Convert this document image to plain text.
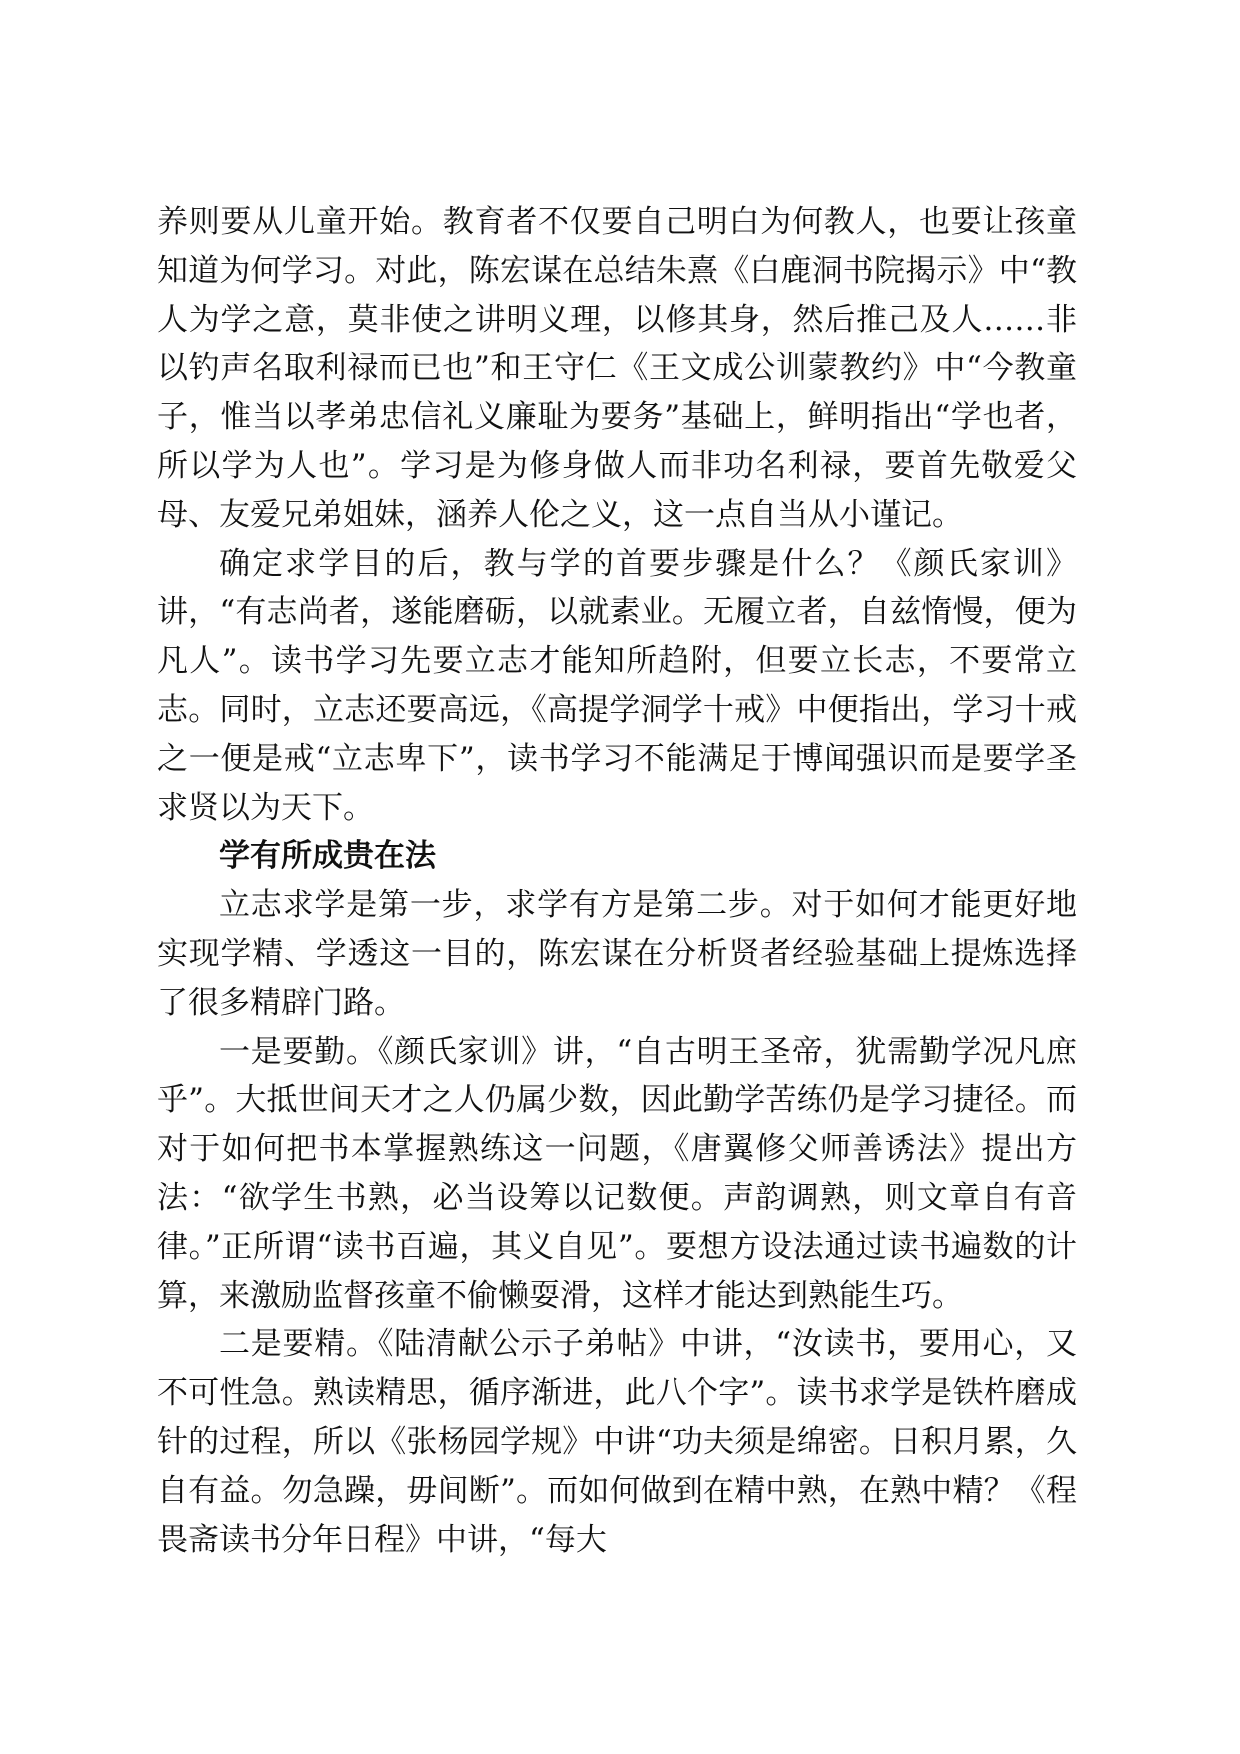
养则要从儿童开始。教育者不仅要自己明白为何教人，也要让孩童知道为何学习。对此，陈宏谋在总结朱熹《白鹿洞书院揭示》中“教人为学之意，莫非使之讲明义理，以修其身，然后推己及人……非以钓声名取利禄而已也”和王守仁《王文成公训蒙教约》中“今教童子，惟当以孝弟忠信礼义廉耻为要务”基础上，鲜明指出“学也者，所以学为人也”。学习是为修身做人而非功名利禄，要首先敬爱父母、友爱兄弟姐妹，涵养人伦之义，这一点自当从小谨记。

确定求学目的后，教与学的首要步骤是什么？《颜氏家训》讲，“有志尚者，遂能磨砺，以就素业。无履立者，自兹惰慢，便为凡人”。读书学习先要立志才能知所趋附，但要立长志，不要常立志。同时，立志还要高远，《高提学洞学十戒》中便指出，学习十戒之一便是戒“立志卑下”，读书学习不能满足于博闻强识而是要学圣求贤以为天下。

学有所成贵在法

立志求学是第一步，求学有方是第二步。对于如何才能更好地实现学精、学透这一目的，陈宏谋在分析贤者经验基础上提炼选择了很多精辟门路。

一是要勤。《颜氏家训》讲，“自古明王圣帝，犹需勤学况凡庶乎”。大抵世间天才之人仍属少数，因此勤学苦练仍是学习捷径。而对于如何把书本掌握熟练这一问题，《唐翼修父师善诱法》提出方法：“欲学生书熟，必当设筹以记数便。声韵调熟，则文章自有音律。”正所谓“读书百遍，其义自见”。要想方设法通过读书遍数的计算，来激励监督孩童不偷懒耍滑，这样才能达到熟能生巧。

二是要精。《陆清献公示子弟帖》中讲，“汝读书，要用心，又不可性急。熟读精思，循序渐进，此八个字”。读书求学是铁杵磨成针的过程，所以《张杨园学规》中讲“功夫须是绵密。日积月累，久自有益。勿急躁，毋间断”。而如何做到在精中熟，在熟中精？《程畏斋读书分年日程》中讲，“每大
